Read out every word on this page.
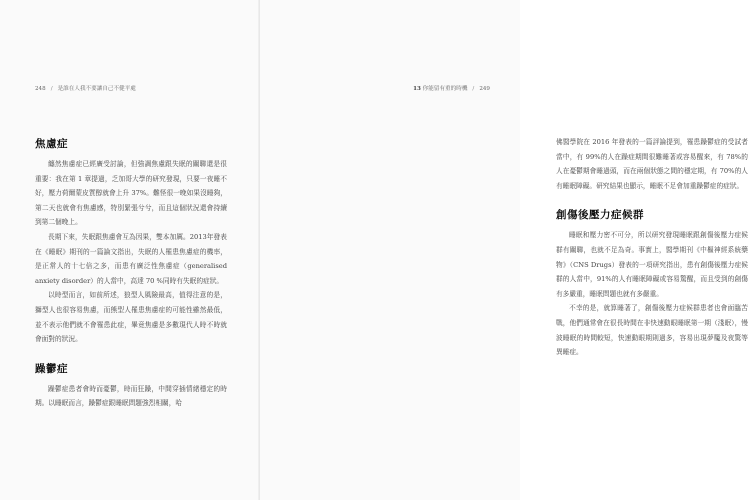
248 / 是誰在人我不要讓自己不健平處
焦慮症

纏然焦慮症已經廣受討論，但強調焦慮跟失眠的關聯還是很重要：我在第 1 章提過，乏加哥大學的研究發現，只要一夜睡不好，壓力荷爾蒙皮質醇就會上升 37%。難怪很一晚如果沒睡夠，第二天也就會有焦慮感，特別緊張兮兮，而且這個狀況還會持續到第二個晚上。

長期下來，失眠跟焦慮會互為因果，雙本加厲。2013年發表在《睡眠》期刊的一篇論文指出，失眠的人罹患焦慮症的機率，是正常人的十七倍之多，而患有廣泛性焦慮症（generalised anxiety disorder）的人當中，高達 70 %同時有失眠的症狀。

以時型而言，如前所述，狼型人風險最高，值得注意的是，獅型人也很容易焦慮，而熊型人罹患焦慮症的可能性雖然最低，並不表示他們就不會罹患此症，畢竟焦慮是多數現代人時不時就會面對的狀況。

躁鬱症

躁鬱症患者會時而憂鬱，時而狂躁，中間穿插情緒穩定的時期。以睡眠而言，躁鬱症跟睡眠問題強烈相關，哈

13 你能留有重的時機 / 249

佛醫學院在 2016 年發表的一篇評論提到，罹患躁鬱症的受試者當中，有 99%的人在躁症期間很難睡著或容易醒來，有 78%的人在憂鬱期會睡過頭，而在兩個狀態之間的穩定期，有 70%的人有睡眠障礙。研究結果也顯示，睡眠不足會加重躁鬱症的症狀。

創傷後壓力症候群

睡眠和壓力密不可分，所以研究發現睡眠跟創傷後壓力症候群有關聯，也就不足為奇。事實上，醫學期刊《中樞神經系統藥物》（CNS Drugs）發表的一項研究指出，患有創傷後壓力症候群的人當中，91%的人有睡眠障礙或容易驚醒，而且受到的創傷有多嚴重，睡眠問題也就有多嚴重。

不幸的是，就算睡著了，創傷後壓力症候群患者也會面臨苦戰，他們通常會在很長時間在非快速動眼睡眠第一期（淺眠），慢波睡眠的時間較短，快速動眼期則過多，容易出現夢魘及夜驚等異睡症。
